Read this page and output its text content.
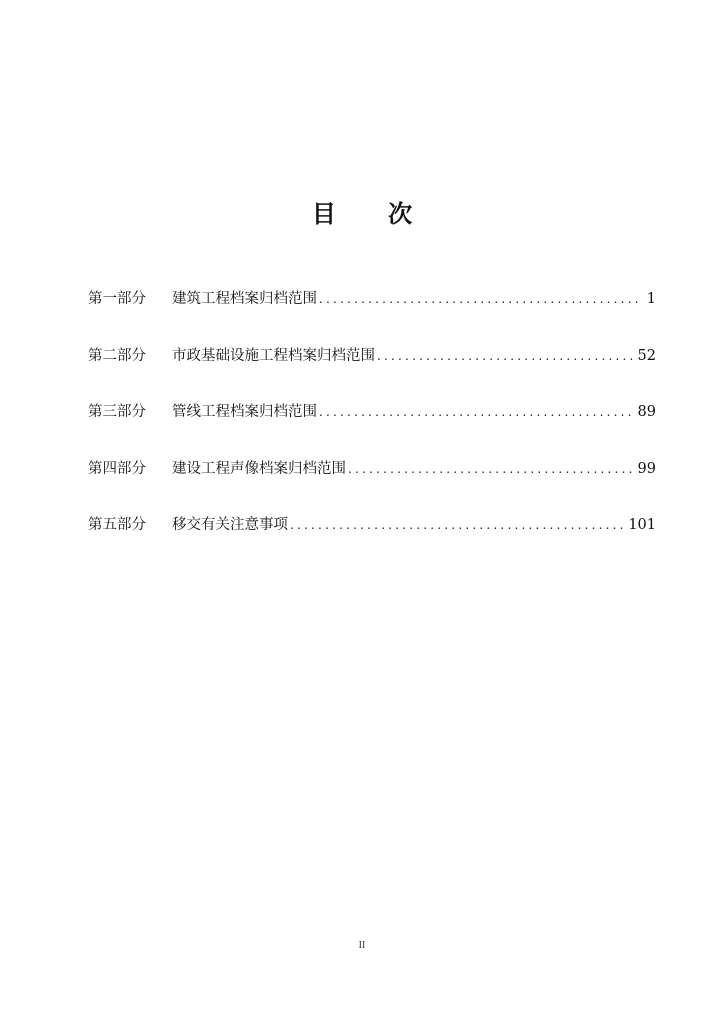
目 次
第一部分	建筑工程档案归档范围 .....	1
第二部分	市政基础设施工程档案归档范围 .....	52
第三部分	管线工程档案归档范围 .....	89
第四部分	建设工程声像档案归档范围 .....	99
第五部分	移交有关注意事项 .....	101
II
